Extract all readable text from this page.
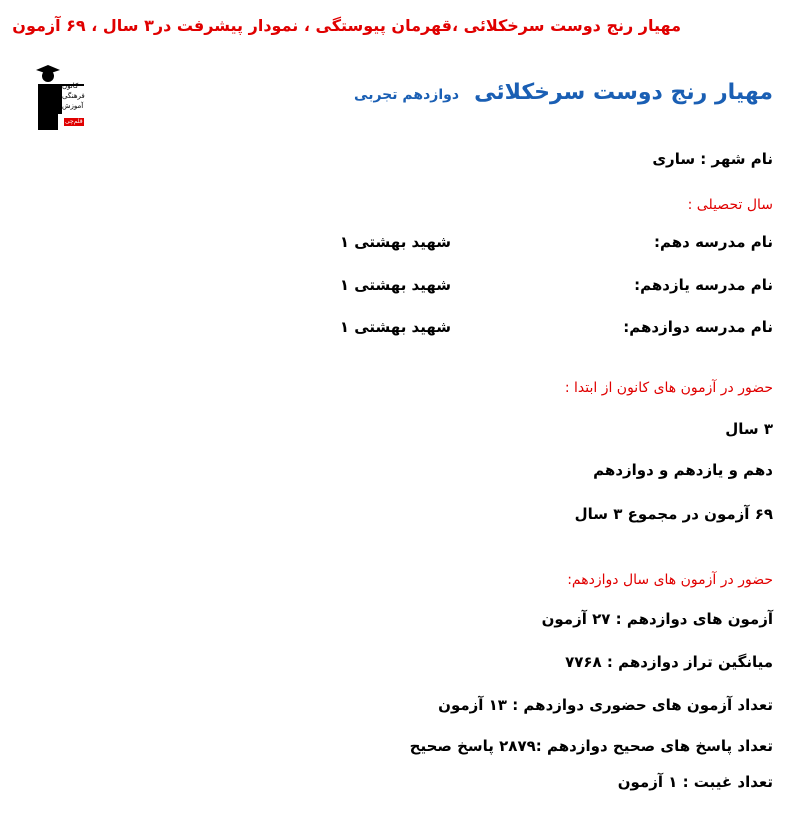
مهیار رنج دوست سرخکلائی ،قهرمان پیوستگی ، نمودار پیشرفت در۳ سال ، ۶۹ آزمون
کانون
فرهنگی
آموزش
قلم‌چی
مهیار رنج دوست سرخکلائی دوازدهم تجربی
نام شهر : ساری
سال تحصیلی :
نام مدرسه دهم:
شهید بهشتی ۱
نام مدرسه یازدهم:
شهید بهشتی ۱
نام مدرسه دوازدهم:
شهید بهشتی ۱
حضور در آزمون های کانون از ابتدا :
۳ سال
دهم و یازدهم و دوازدهم
۶۹ آزمون در مجموع ۳ سال
حضور در آزمون های سال دوازدهم:
آزمون های دوازدهم : ۲۷ آزمون
میانگین تراز دوازدهم : ۷۷۶۸
تعداد آزمون های حضوری دوازدهم : ۱۳ آزمون
تعداد پاسخ های صحیح دوازدهم :۲۸۷۹ پاسخ صحیح
تعداد غیبت : ۱ آزمون
